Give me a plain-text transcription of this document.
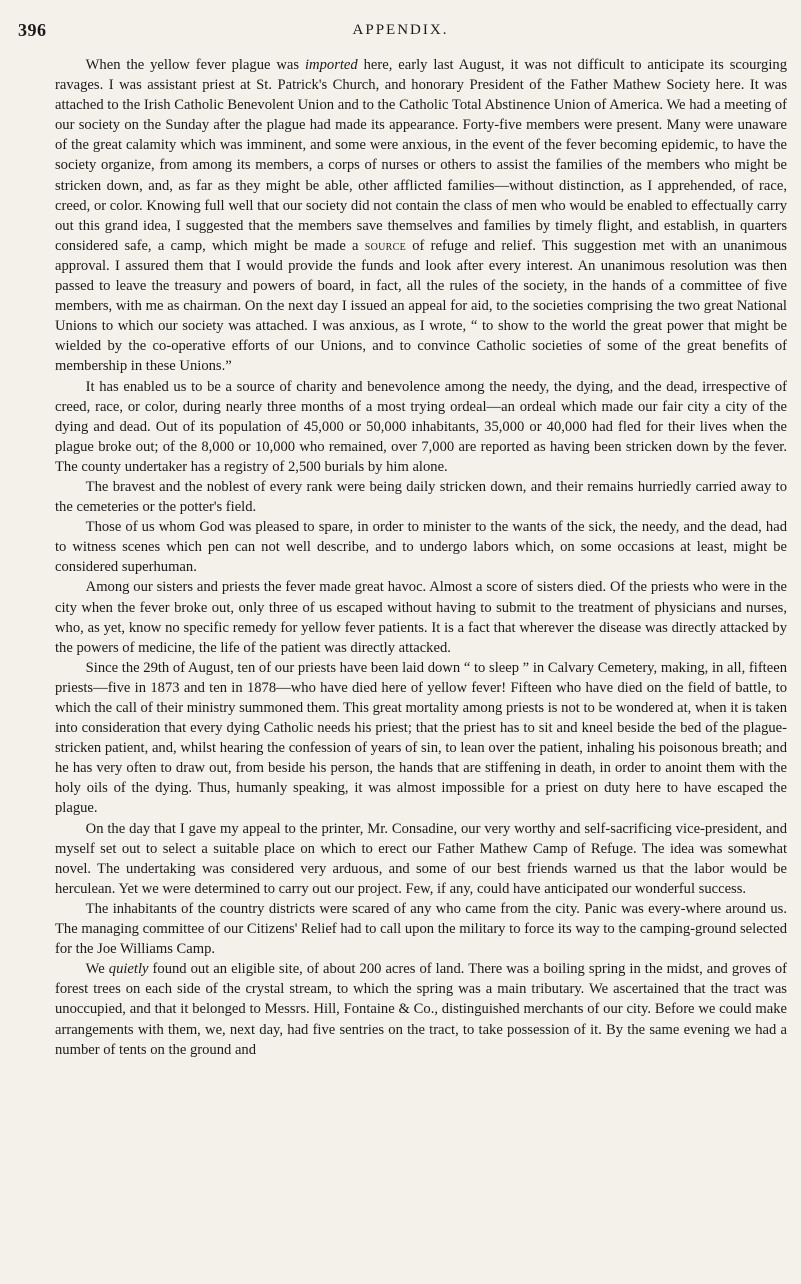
396	APPENDIX.

When the yellow fever plague was imported here, early last August, it was not difficult to anticipate its scourging ravages. I was assistant priest at St. Patrick's Church, and honorary President of the Father Mathew Society here. It was attached to the Irish Catholic Benevolent Union and to the Catholic Total Abstinence Union of America. We had a meeting of our society on the Sunday after the plague had made its appearance. Forty-five members were present. Many were unaware of the great calamity which was imminent, and some were anxious, in the event of the fever becoming epidemic, to have the society organize, from among its members, a corps of nurses or others to assist the families of the members who might be stricken down, and, as far as they might be able, other afflicted families—without distinction, as I apprehended, of race, creed, or color. Knowing full well that our society did not contain the class of men who would be enabled to effectually carry out this grand idea, I suggested that the members save themselves and families by timely flight, and establish, in quarters considered safe, a camp, which might be made a source of refuge and relief. This suggestion met with an unanimous approval. I assured them that I would provide the funds and look after every interest. An unanimous resolution was then passed to leave the treasury and powers of board, in fact, all the rules of the society, in the hands of a committee of five members, with me as chairman. On the next day I issued an appeal for aid, to the societies comprising the two great National Unions to which our society was attached. I was anxious, as I wrote, “ to show to the world the great power that might be wielded by the co-operative efforts of our Unions, and to convince Catholic societies of some of the great benefits of membership in these Unions.”

It has enabled us to be a source of charity and benevolence among the needy, the dying, and the dead, irrespective of creed, race, or color, during nearly three months of a most trying ordeal—an ordeal which made our fair city a city of the dying and dead. Out of its population of 45,000 or 50,000 inhabitants, 35,000 or 40,000 had fled for their lives when the plague broke out; of the 8,000 or 10,000 who remained, over 7,000 are reported as having been stricken down by the fever. The county undertaker has a registry of 2,500 burials by him alone.

The bravest and the noblest of every rank were being daily stricken down, and their remains hurriedly carried away to the cemeteries or the potter's field.

Those of us whom God was pleased to spare, in order to minister to the wants of the sick, the needy, and the dead, had to witness scenes which pen can not well describe, and to undergo labors which, on some occasions at least, might be considered superhuman.

Among our sisters and priests the fever made great havoc. Almost a score of sisters died. Of the priests who were in the city when the fever broke out, only three of us escaped without having to submit to the treatment of physicians and nurses, who, as yet, know no specific remedy for yellow fever patients. It is a fact that wherever the disease was directly attacked by the powers of medicine, the life of the patient was directly attacked.

Since the 29th of August, ten of our priests have been laid down “ to sleep ” in Calvary Cemetery, making, in all, fifteen priests—five in 1873 and ten in 1878—who have died here of yellow fever! Fifteen who have died on the field of battle, to which the call of their ministry summoned them. This great mortality among priests is not to be wondered at, when it is taken into consideration that every dying Catholic needs his priest; that the priest has to sit and kneel beside the bed of the plague-stricken patient, and, whilst hearing the confession of years of sin, to lean over the patient, inhaling his poisonous breath; and he has very often to draw out, from beside his person, the hands that are stiffening in death, in order to anoint them with the holy oils of the dying. Thus, humanly speaking, it was almost impossible for a priest on duty here to have escaped the plague.

On the day that I gave my appeal to the printer, Mr. Consadine, our very worthy and self-sacrificing vice-president, and myself set out to select a suitable place on which to erect our Father Mathew Camp of Refuge. The idea was somewhat novel. The undertaking was considered very arduous, and some of our best friends warned us that the labor would be herculean. Yet we were determined to carry out our project. Few, if any, could have anticipated our wonderful success.

The inhabitants of the country districts were scared of any who came from the city. Panic was every-where around us. The managing committee of our Citizens' Relief had to call upon the military to force its way to the camping-ground selected for the Joe Williams Camp.

We quietly found out an eligible site, of about 200 acres of land. There was a boiling spring in the midst, and groves of forest trees on each side of the crystal stream, to which the spring was a main tributary. We ascertained that the tract was unoccupied, and that it belonged to Messrs. Hill, Fontaine & Co., distinguished merchants of our city. Before we could make arrangements with them, we, next day, had five sentries on the tract, to take possession of it. By the same evening we had a number of tents on the ground and
